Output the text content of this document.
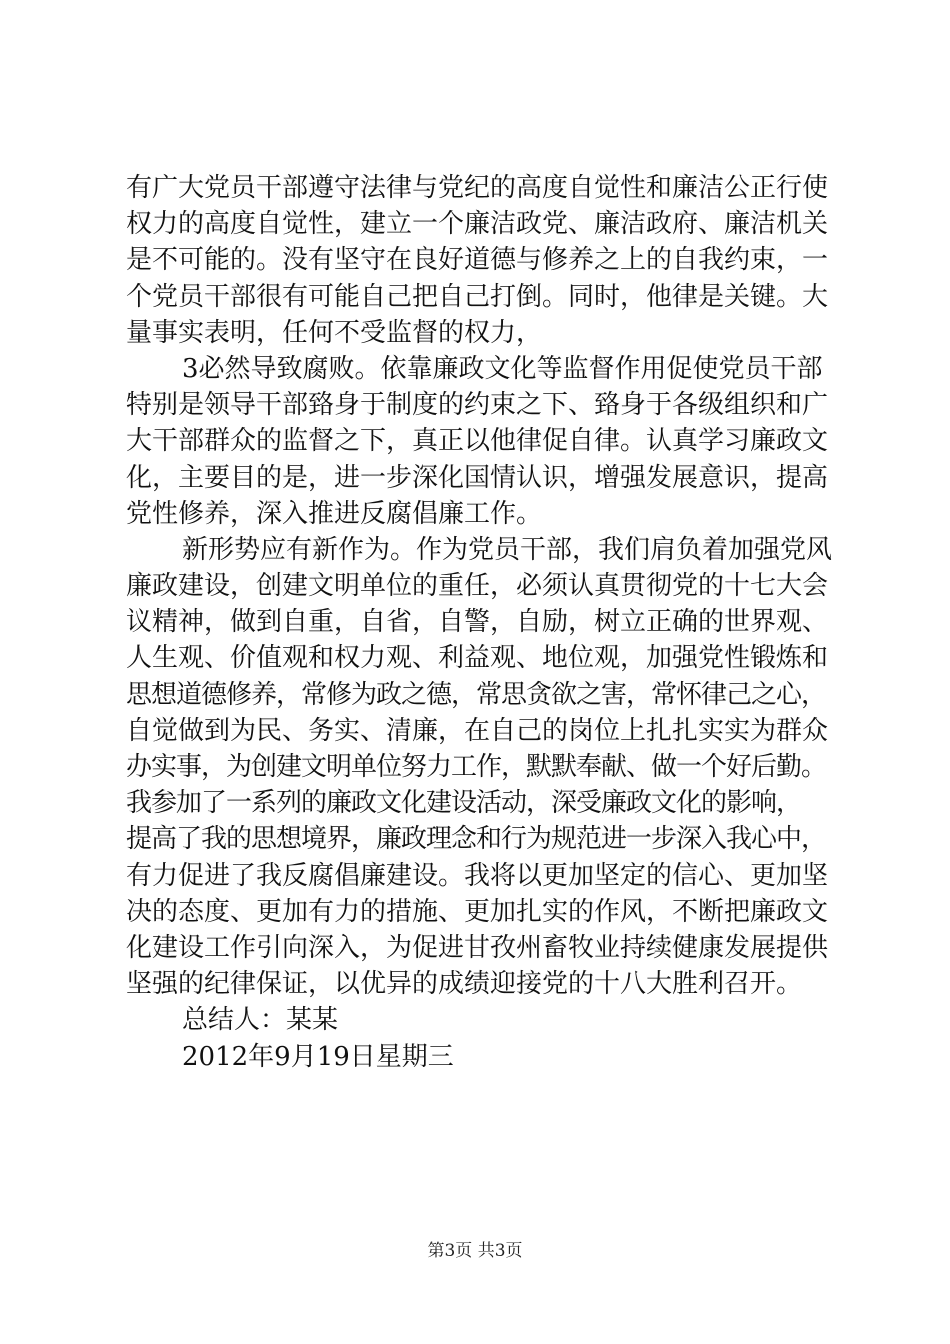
有广大党员干部遵守法律与党纪的高度自觉性和廉洁公正行使
权力的高度自觉性，建立一个廉洁政党、廉洁政府、廉洁机关
是不可能的。没有坚守在良好道德与修养之上的自我约束，一
个党员干部很有可能自己把自己打倒。同时，他律是关键。大
量事实表明，任何不受监督的权力，
3必然导致腐败。依靠廉政文化等监督作用促使党员干部
特别是领导干部臵身于制度的约束之下、臵身于各级组织和广
大干部群众的监督之下，真正以他律促自律。认真学习廉政文
化，主要目的是，进一步深化国情认识，增强发展意识，提高
党性修养，深入推进反腐倡廉工作。
新形势应有新作为。作为党员干部，我们肩负着加强党风
廉政建设，创建文明单位的重任，必须认真贯彻党的十七大会
议精神，做到自重，自省，自警，自励，树立正确的世界观、
人生观、价值观和权力观、利益观、地位观，加强党性锻炼和
思想道德修养，常修为政之德，常思贪欲之害，常怀律己之心，
自觉做到为民、务实、清廉，在自己的岗位上扎扎实实为群众
办实事，为创建文明单位努力工作，默默奉献、做一个好后勤。
我参加了一系列的廉政文化建设活动，深受廉政文化的影响，
提高了我的思想境界，廉政理念和行为规范进一步深入我心中，
有力促进了我反腐倡廉建设。我将以更加坚定的信心、更加坚
决的态度、更加有力的措施、更加扎实的作风，不断把廉政文
化建设工作引向深入，为促进甘孜州畜牧业持续健康发展提供
坚强的纪律保证，以优异的成绩迎接党的十八大胜利召开。
总结人：某某
2012年9月19日星期三
第3页 共3页
